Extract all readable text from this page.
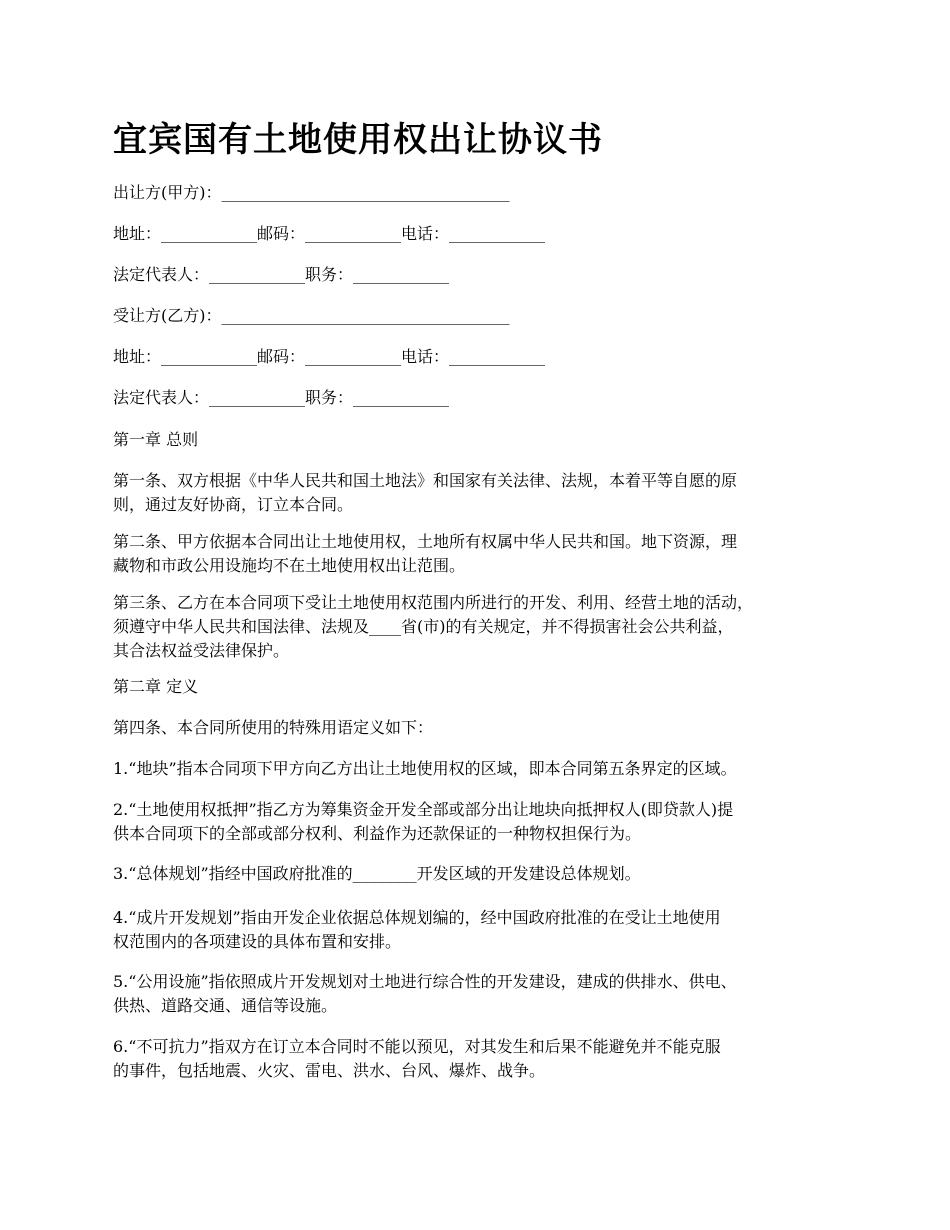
宜宾国有土地使用权出让协议书
出让方(甲方)：____________________________________
地址：____________邮码：____________电话：____________
法定代表人：____________职务：____________
受让方(乙方)：____________________________________
地址：____________邮码：____________电话：____________
法定代表人：____________职务：____________
第一章 总则
第一条、双方根据《中华人民共和国土地法》和国家有关法律、法规，本着平等自愿的原
则，通过友好协商，订立本合同。
第二条、甲方依据本合同出让土地使用权，土地所有权属中华人民共和国。地下资源，理
藏物和市政公用设施均不在土地使用权出让范围。
第三条、乙方在本合同项下受让土地使用权范围内所进行的开发、利用、经营土地的活动，
须遵守中华人民共和国法律、法规及____省(市)的有关规定，并不得损害社会公共利益，
其合法权益受法律保护。
第二章 定义
第四条、本合同所使用的特殊用语定义如下：
1.“地块”指本合同项下甲方向乙方出让土地使用权的区域，即本合同第五条界定的区域。
2.“土地使用权抵押”指乙方为筹集资金开发全部或部分出让地块向抵押权人(即贷款人)提
供本合同项下的全部或部分权利、利益作为还款保证的一种物权担保行为。
3.“总体规划”指经中国政府批准的________开发区域的开发建设总体规划。
4.“成片开发规划”指由开发企业依据总体规划编的，经中国政府批准的在受让土地使用
权范围内的各项建设的具体布置和安排。
5.“公用设施”指依照成片开发规划对土地进行综合性的开发建设，建成的供排水、供电、
供热、道路交通、通信等设施。
6.“不可抗力”指双方在订立本合同时不能以预见，对其发生和后果不能避免并不能克服
的事件，包括地震、火灾、雷电、洪水、台风、爆炸、战争。
